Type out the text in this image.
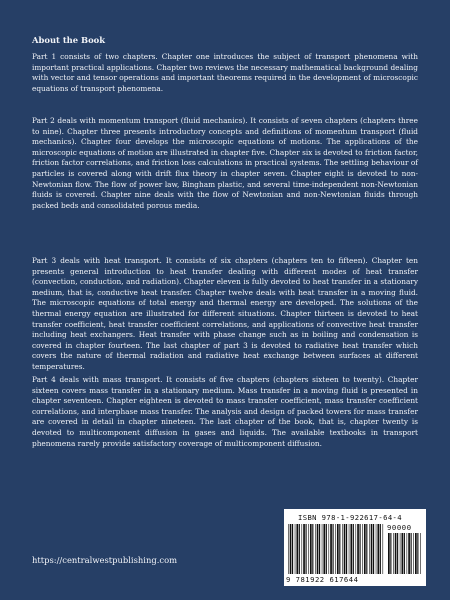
About the Book

Part 1 consists of two chapters. Chapter one introduces the subject of transport phenomena with important practical applications. Chapter two reviews the necessary mathematical background dealing with vector and tensor operations and important theorems required in the development of microscopic equations of transport phenomena.

Part 2 deals with momentum transport (fluid mechanics). It consists of seven chapters (chapters three to nine). Chapter three presents introductory concepts and definitions of momentum transport (fluid mechanics). Chapter four develops the microscopic equations of motions. The applications of the microscopic equations of motion are illustrated in chapter five. Chapter six is devoted to friction factor, friction factor correlations, and friction loss calculations in practical systems. The settling behaviour of particles is covered along with drift flux theory in chapter seven. Chapter eight is devoted to non-Newtonian flow. The flow of power law, Bingham plastic, and several time-independent non-Newtonian fluids is covered. Chapter nine deals with the flow of Newtonian and non-Newtonian fluids through packed beds and consolidated porous media.

Part 3 deals with heat transport. It consists of six chapters (chapters ten to fifteen). Chapter ten presents general introduction to heat transfer dealing with different modes of heat transfer (convection, conduction, and radiation). Chapter eleven is fully devoted to heat transfer in a stationary medium, that is, conductive heat transfer. Chapter twelve deals with heat transfer in a moving fluid. The microscopic equations of total energy and thermal energy are developed. The solutions of the thermal energy equation are illustrated for different situations. Chapter thirteen is devoted to heat transfer coefficient, heat transfer coefficient correlations, and applications of convective heat transfer including heat exchangers. Heat transfer with phase change such as in boiling and condensation is covered in chapter fourteen. The last chapter of part 3 is devoted to radiative heat transfer which covers the nature of thermal radiation and radiative heat exchange between surfaces at different temperatures.

Part 4 deals with mass transport. It consists of five chapters (chapters sixteen to twenty). Chapter sixteen covers mass transfer in a stationary medium. Mass transfer in a moving fluid is presented in chapter seventeen. Chapter eighteen is devoted to mass transfer coefficient, mass transfer coefficient correlations, and interphase mass transfer. The analysis and design of packed towers for mass transfer are covered in detail in chapter nineteen. The last chapter of the book, that is, chapter twenty is devoted to multicomponent diffusion in gases and liquids. The available textbooks in transport phenomena rarely provide satisfactory coverage of multicomponent diffusion.

https://centralwestpublishing.com
ISBN 978-1-922617-64-4
90000
9 781922 617644
